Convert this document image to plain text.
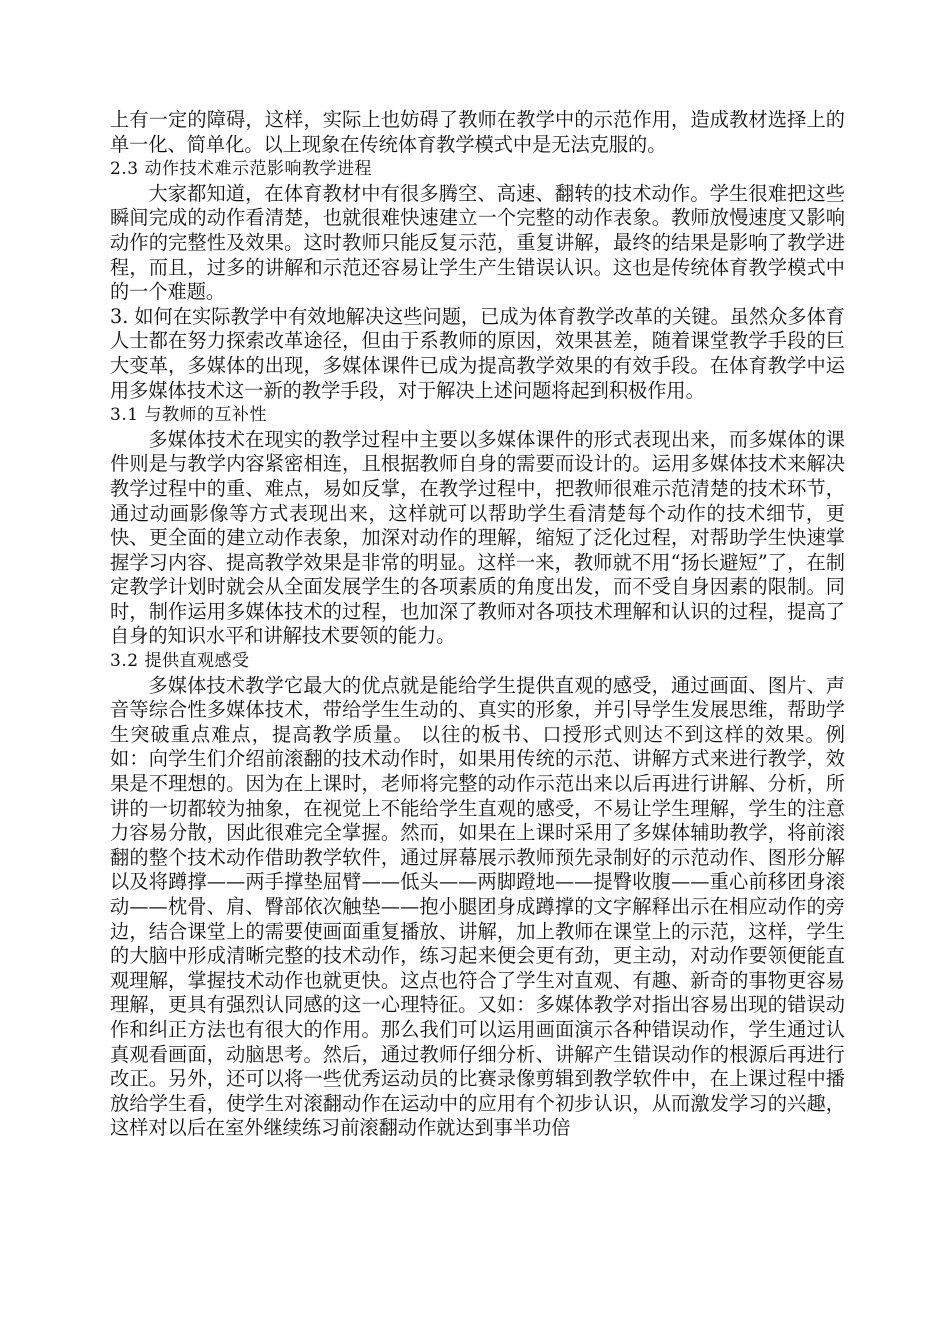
上有一定的障碍，这样，实际上也妨碍了教师在教学中的示范作用，造成教材选择上的单一化、简单化。以上现象在传统体育教学模式中是无法克服的。

2.3 动作技术难示范影响教学进程

大家都知道，在体育教材中有很多腾空、高速、翻转的技术动作。学生很难把这些瞬间完成的动作看清楚，也就很难快速建立一个完整的动作表象。教师放慢速度又影响动作的完整性及效果。这时教师只能反复示范，重复讲解，最终的结果是影响了教学进程，而且，过多的讲解和示范还容易让学生产生错误认识。这也是传统体育教学模式中的一个难题。

3. 如何在实际教学中有效地解决这些问题，已成为体育教学改革的关键。虽然众多体育人士都在努力探索改革途径，但由于系教师的原因，效果甚差，随着课堂教学手段的巨大变革，多媒体的出现，多媒体课件已成为提高教学效果的有效手段。在体育教学中运用多媒体技术这一新的教学手段，对于解决上述问题将起到积极作用。

3.1 与教师的互补性

多媒体技术在现实的教学过程中主要以多媒体课件的形式表现出来，而多媒体的课件则是与教学内容紧密相连，且根据教师自身的需要而设计的。运用多媒体技术来解决教学过程中的重、难点，易如反掌，在教学过程中，把教师很难示范清楚的技术环节，通过动画影像等方式表现出来，这样就可以帮助学生看清楚每个动作的技术细节，更快、更全面的建立动作表象，加深对动作的理解，缩短了泛化过程，对帮助学生快速掌握学习内容、提高教学效果是非常的明显。这样一来，教师就不用“扬长避短”了，在制定教学计划时就会从全面发展学生的各项素质的角度出发，而不受自身因素的限制。同时，制作运用多媒体技术的过程，也加深了教师对各项技术理解和认识的过程，提高了自身的知识水平和讲解技术要领的能力。

3.2 提供直观感受

多媒体技术教学它最大的优点就是能给学生提供直观的感受，通过画面、图片、声音等综合性多媒体技术，带给学生生动的、真实的形象，并引导学生发展思维，帮助学生突破重点难点，提高教学质量。 以往的板书、口授形式则达不到这样的效果。例如：向学生们介绍前滚翻的技术动作时，如果用传统的示范、讲解方式来进行教学，效果是不理想的。因为在上课时，老师将完整的动作示范出来以后再进行讲解、分析，所讲的一切都较为抽象，在视觉上不能给学生直观的感受，不易让学生理解，学生的注意力容易分散，因此很难完全掌握。然而，如果在上课时采用了多媒体辅助教学，将前滚翻的整个技术动作借助教学软件，通过屏幕展示教师预先录制好的示范动作、图形分解以及将蹲撑——两手撑垫屈臂——低头——两脚蹬地——提臀收腹——重心前移团身滚动——枕骨、肩、臀部依次触垫——抱小腿团身成蹲撑的文字解释出示在相应动作的旁边，结合课堂上的需要使画面重复播放、讲解，加上教师在课堂上的示范，这样，学生的大脑中形成清晰完整的技术动作，练习起来便会更有劲，更主动，对动作要领便能直观理解，掌握技术动作也就更快。这点也符合了学生对直观、有趣、新奇的事物更容易理解，更具有强烈认同感的这一心理特征。又如：多媒体教学对指出容易出现的错误动作和纠正方法也有很大的作用。那么我们可以运用画面演示各种错误动作，学生通过认真观看画面，动脑思考。然后，通过教师仔细分析、讲解产生错误动作的根源后再进行改正。另外，还可以将一些优秀运动员的比赛录像剪辑到教学软件中，在上课过程中播放给学生看，使学生对滚翻动作在运动中的应用有个初步认识，从而激发学习的兴趣，这样对以后在室外继续练习前滚翻动作就达到事半功倍
